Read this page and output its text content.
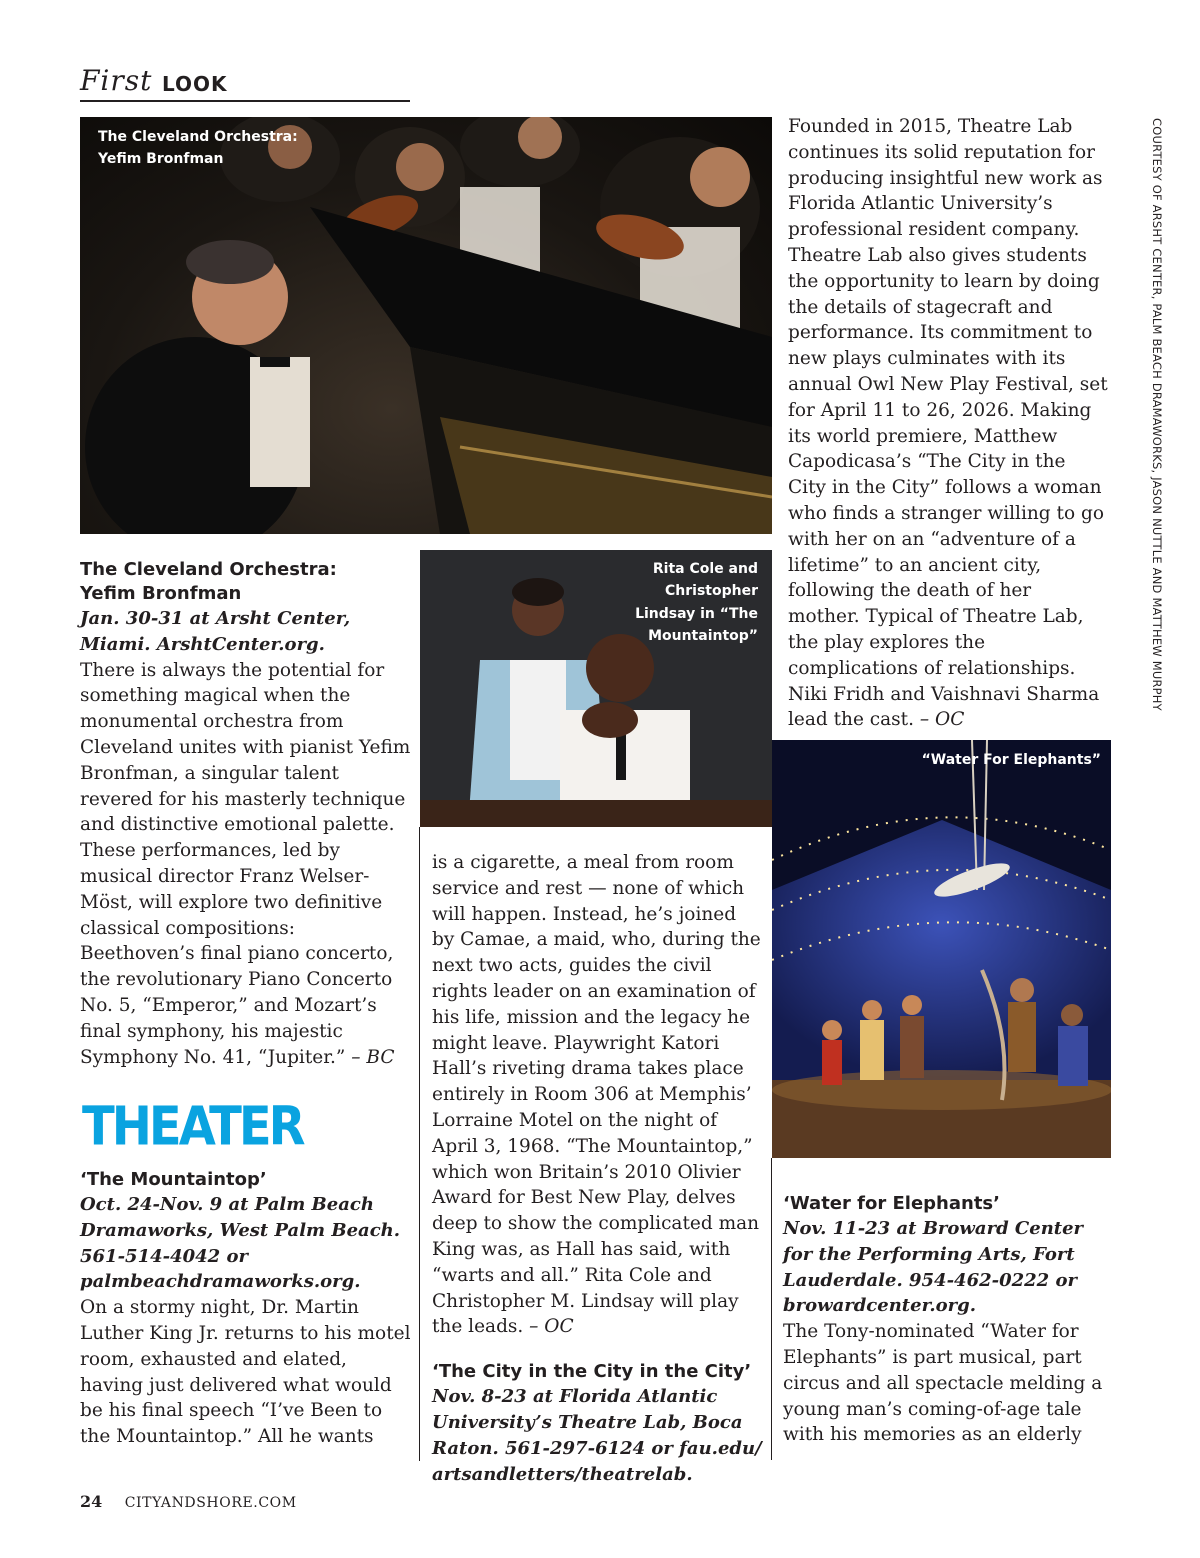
First LOOK
The Cleveland Orchestra:
Yefim Bronfman

The Cleveland Orchestra:
Yefim Bronfman

Jan. 30-31 at Arsht Center, Miami. ArshtCenter.org.

There is always the potential for something magical when the monumental orchestra from Cleveland unites with pianist Yefim Bronfman, a singular talent revered for his masterly technique and distinctive emotional palette. These performances, led by musical director Franz Welser-Möst, will explore two definitive classical compositions: Beethoven’s final piano concerto, the revolutionary Piano Concerto No. 5, “Emperor,” and Mozart’s final symphony, his majestic Symphony No. 41, “Jupiter.” – BC

THEATER

‘The Mountaintop’

Oct. 24-Nov. 9 at Palm Beach Dramaworks, West Palm Beach. 561-514-4042 or palmbeachdramaworks.org.

On a stormy night, Dr. Martin Luther King Jr. returns to his motel room, exhausted and elated, having just delivered what would be his final speech “I’ve Been to the Mountaintop.” All he wants

Rita Cole and
Christopher
Lindsay in “The
Mountaintop”

is a cigarette, a meal from room service and rest — none of which will happen. Instead, he’s joined by Camae, a maid, who, during the next two acts, guides the civil rights leader on an examination of his life, mission and the legacy he might leave. Playwright Katori Hall’s riveting drama takes place entirely in Room 306 at Memphis’ Lorraine Motel on the night of April 3, 1968. “The Mountaintop,” which won Britain’s 2010 Olivier Award for Best New Play, delves deep to show the complicated man King was, as Hall has said, with “warts and all.” Rita Cole and Christopher M. Lindsay will play the leads. – OC

‘The City in the City in the City’

Nov. 8-23 at Florida Atlantic University’s Theatre Lab, Boca Raton. 561-297-6124 or fau.edu/ artsandletters/theatrelab.

Founded in 2015, Theatre Lab continues its solid reputation for producing insightful new work as Florida Atlantic University’s professional resident company. Theatre Lab also gives students the opportunity to learn by doing the details of stagecraft and performance. Its commitment to new plays culminates with its annual Owl New Play Festival, set for April 11 to 26, 2026. Making its world premiere, Matthew Capodicasa’s “The City in the City in the City” follows a woman who finds a stranger willing to go with her on an “adventure of a lifetime” to an ancient city, following the death of her mother. Typical of Theatre Lab, the play explores the complications of relationships. Niki Fridh and Vaishnavi Sharma lead the cast. – OC

“Water For Elephants”

‘Water for Elephants’

Nov. 11-23 at Broward Center for the Performing Arts, Fort Lauderdale. 954-462-0222 or browardcenter.org.

The Tony-nominated “Water for Elephants” is part musical, part circus and all spectacle melding a young man’s coming-of-age tale with his memories as an elderly

COURTESY OF ARSHT CENTER, PALM BEACH DRAMAWORKS, JASON NUTTLE AND MATTHEW MURPHY
24 CITYANDSHORE.COM
